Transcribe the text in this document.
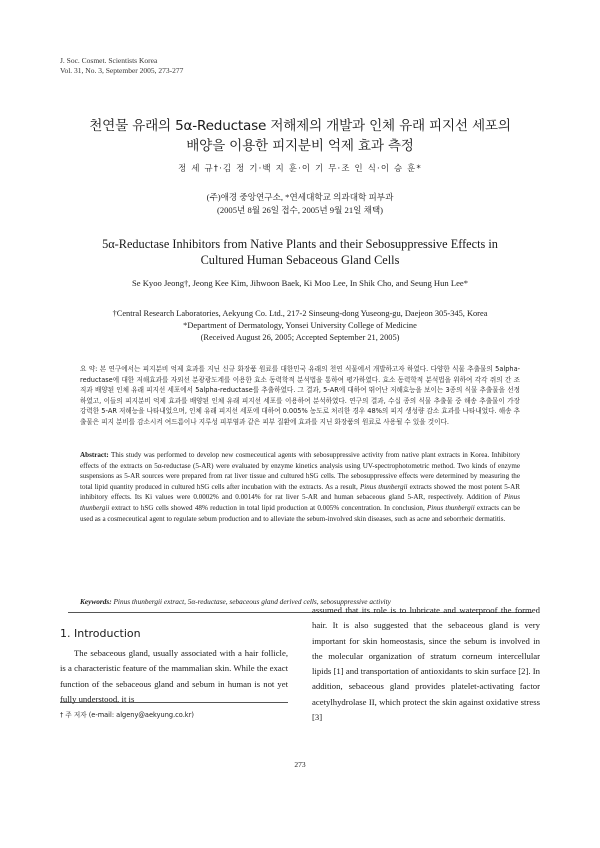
J. Soc. Cosmet. Scientists Korea
Vol. 31, No. 3, September 2005, 273-277
천연물 유래의 5α-Reductase 저해제의 개발과 인체 유래 피지선 세포의
배양을 이용한 피지분비 억제 효과 측정
정 세 규†·김 정 기·백 지 훈·이 기 무·조 인 식·이 승 훈*
(주)애경 중앙연구소, *연세대학교 의과대학 피부과
(2005년 8월 26일 접수, 2005년 9월 21일 채택)
5α-Reductase Inhibitors from Native Plants and their Sebosuppressive Effects in
Cultured Human Sebaceous Gland Cells
Se Kyoo Jeong†, Jeong Kee Kim, Jihwoon Baek, Ki Moo Lee, In Shik Cho, and Seung Hun Lee*
†Central Research Laboratories, Aekyung Co. Ltd., 217-2 Sinseung-dong Yuseong-gu, Daejeon 305-345, Korea
*Department of Dermatology, Yonsei University College of Medicine
(Received August 26, 2005; Accepted September 21, 2005)
요 약: 본 연구에서는 피지분비 억제 효과를 지닌 신규 화장품 원료를 대한민국 유래의 천연 식물에서 개발하고자 하였다. 다양한 식물 추출물의 5alpha-reductase에 대한 저해효과를 자외선 분광광도계를 이용한 효소 동력학적 분석법을 통하여 평가하였다. 효소 동력학적 분석법을 위하여 각각 쥐의 간 조직과 배양된 인체 유래 피지선 세포에서 5alpha-reductase를 추출하였다. 그 결과, 5-AR에 대하여 뛰어난 저해효능을 보이는 3종의 식물 추출물을 선정하였고, 이들의 피지분비 억제 효과를 배양된 인체 유래 피지선 세포를 이용하여 분석하였다. 연구의 결과, 수십 종의 식물 추출물 중 해송 추출물이 가장 강력한 5-AR 저해능을 나타내었으며, 인체 유래 피지선 세포에 대하여 0.005% 농도로 처리한 경우 48%의 피지 생성량 감소 효과를 나타내었다. 해송 추출물은 피지 분비를 감소시켜 여드름이나 지루성 피부염과 같은 피부 질환에 효과를 지닌 화장품의 원료로 사용될 수 있을 것이다.
Abstract: This study was performed to develop new cosmeceutical agents with sebosuppressive activity from native plant extracts in Korea. Inhibitory effects of the extracts on 5α-reductase (5-AR) were evaluated by enzyme kinetics analysis using UV-spectrophotometric method. Two kinds of enzyme suspensions as 5-AR sources were prepared from rat liver tissue and cultured hSG cells. The sebosuppressive effects were determined by measuring the total lipid quantity produced in cultured hSG cells after incubation with the extracts. As a result, Pinus thunbergii extracts showed the most potent 5-AR inhibitory effects. Its Ki values were 0.0002% and 0.0014% for rat liver 5-AR and human sebaceous gland 5-AR, respectively. Addition of Pinus thunbergii extract to hSG cells showed 48% reduction in total lipid production at 0.005% concentration. In conclusion, Pinus thunbergii extracts can be used as a cosmeceutical agent to regulate sebum production and to alleviate the sebum-involved skin diseases, such as acne and seborrheic dermatitis.
Keywords: Pinus thunbergii extract, 5α-reductase, sebaceous gland derived cells, sebosuppressive activity
1. Introduction
The sebaceous gland, usually associated with a hair follicle, is a characteristic feature of the mammalian skin. While the exact function of the sebaceous gland and sebum in human is not yet fully understood, it is
assumed that its role is to lubricate and waterproof the formed hair. It is also suggested that the sebaceous gland is very important for skin homeostasis, since the sebum is involved in the molecular organization of stratum corneum intercellular lipids [1] and transportation of antioxidants to skin surface [2]. In addition, sebaceous gland provides platelet-activating factor acetylhydrolase II, which protect the skin against oxidative stress [3]
† 주 저자 (e-mail: algeny@aekyung.co.kr)
273
